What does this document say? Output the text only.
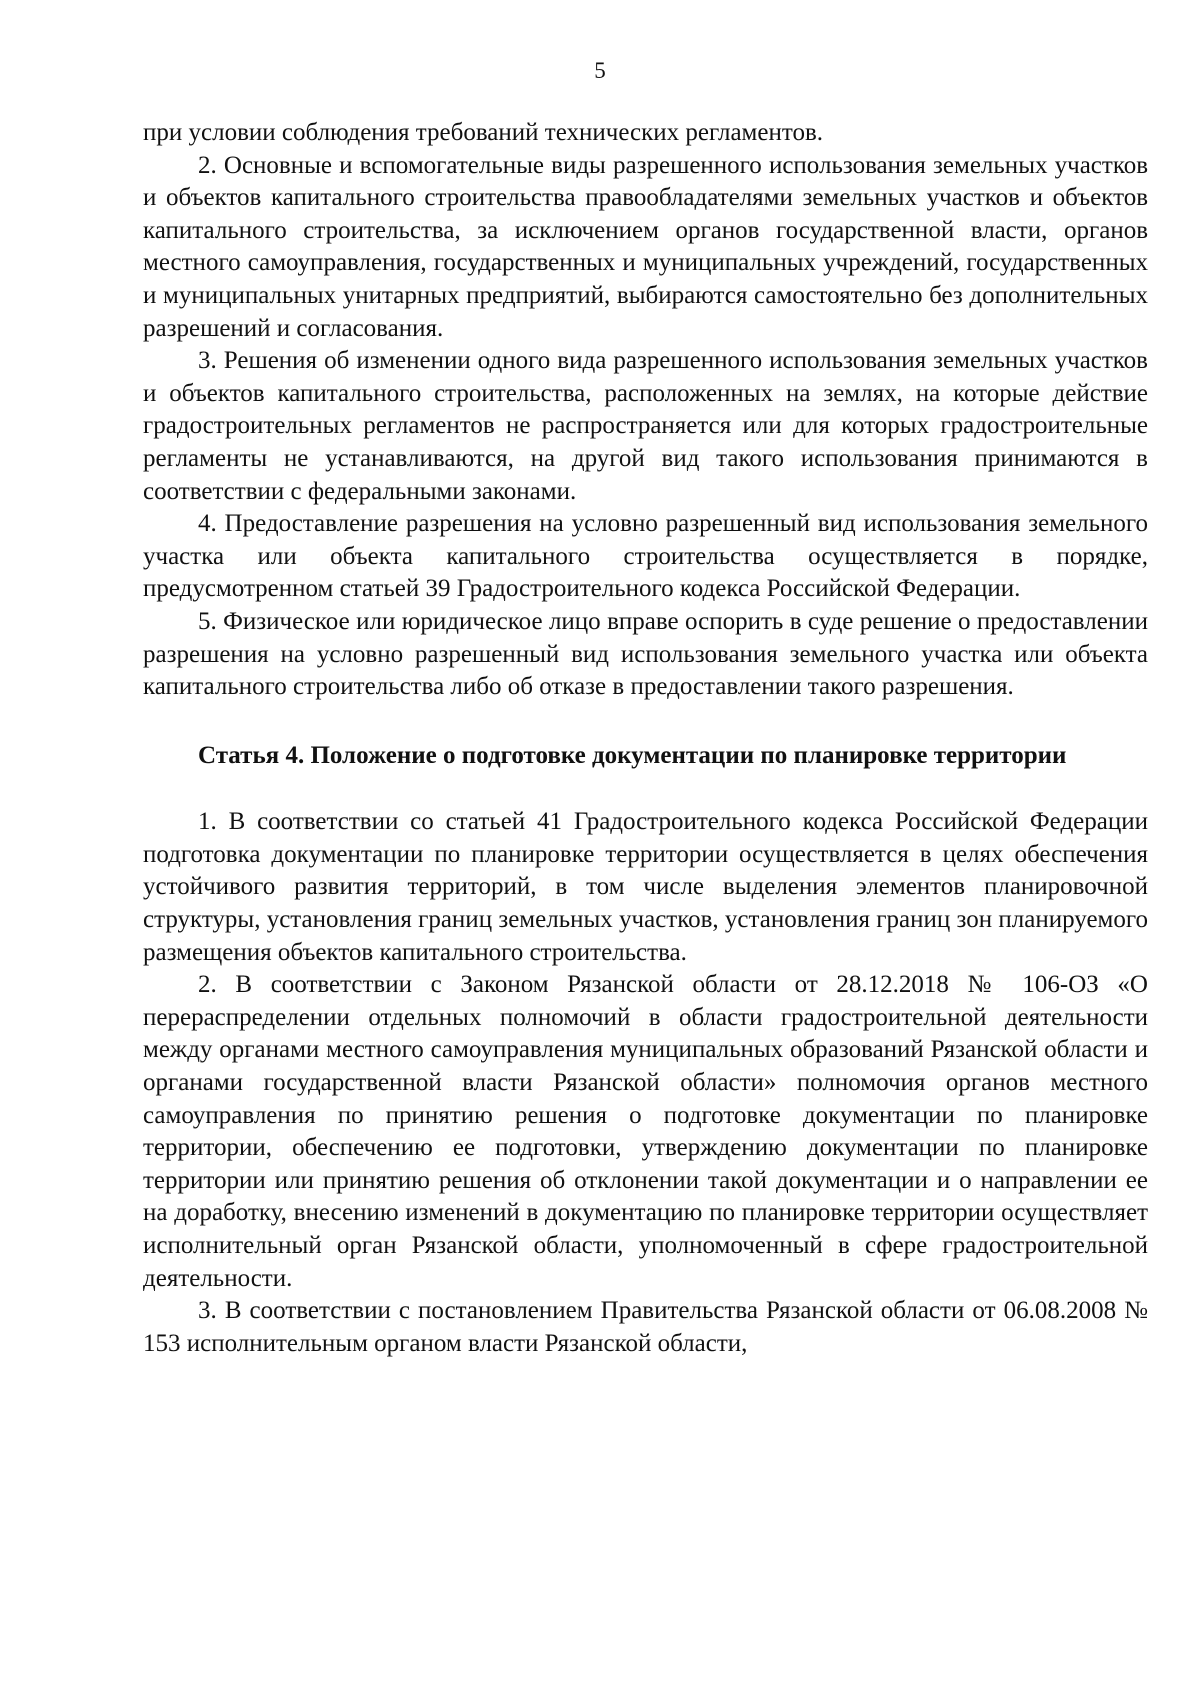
5

при условии соблюдения требований технических регламентов.

2. Основные и вспомогательные виды разрешенного использования земельных участков и объектов капитального строительства правообладателями земельных участков и объектов капитального строительства, за исключением органов государственной власти, органов местного самоуправления, государственных и муниципальных учреждений, государственных и муниципальных унитарных предприятий, выбираются самостоятельно без дополнительных разрешений и согласования.

3. Решения об изменении одного вида разрешенного использования земельных участков и объектов капитального строительства, расположенных на землях, на которые действие градостроительных регламентов не распространяется или для которых градостроительные регламенты не устанавливаются, на другой вид такого использования принимаются в соответствии с федеральными законами.

4. Предоставление разрешения на условно разрешенный вид использования земельного участка или объекта капитального строительства осуществляется в порядке, предусмотренном статьей 39 Градостроительного кодекса Российской Федерации.

5. Физическое или юридическое лицо вправе оспорить в суде решение о предоставлении разрешения на условно разрешенный вид использования земельного участка или объекта капитального строительства либо об отказе в предоставлении такого разрешения.

Статья 4. Положение о подготовке документации по планировке территории

1. В соответствии со статьей 41 Градостроительного кодекса Российской Федерации подготовка документации по планировке территории осуществляется в целях обеспечения устойчивого развития территорий, в том числе выделения элементов планировочной структуры, установления границ земельных участков, установления границ зон планируемого размещения объектов капитального строительства.

2. В соответствии с Законом Рязанской области от 28.12.2018 № 106-ОЗ «О перераспределении отдельных полномочий в области градостроительной деятельности между органами местного самоуправления муниципальных образований Рязанской области и органами государственной власти Рязанской области» полномочия органов местного самоуправления по принятию решения о подготовке документации по планировке территории, обеспечению ее подготовки, утверждению документации по планировке территории или принятию решения об отклонении такой документации и о направлении ее на доработку, внесению изменений в документацию по планировке территории осуществляет исполнительный орган Рязанской области, уполномоченный в сфере градостроительной деятельности.

3. В соответствии с постановлением Правительства Рязанской области от 06.08.2008 № 153 исполнительным органом власти Рязанской области,
